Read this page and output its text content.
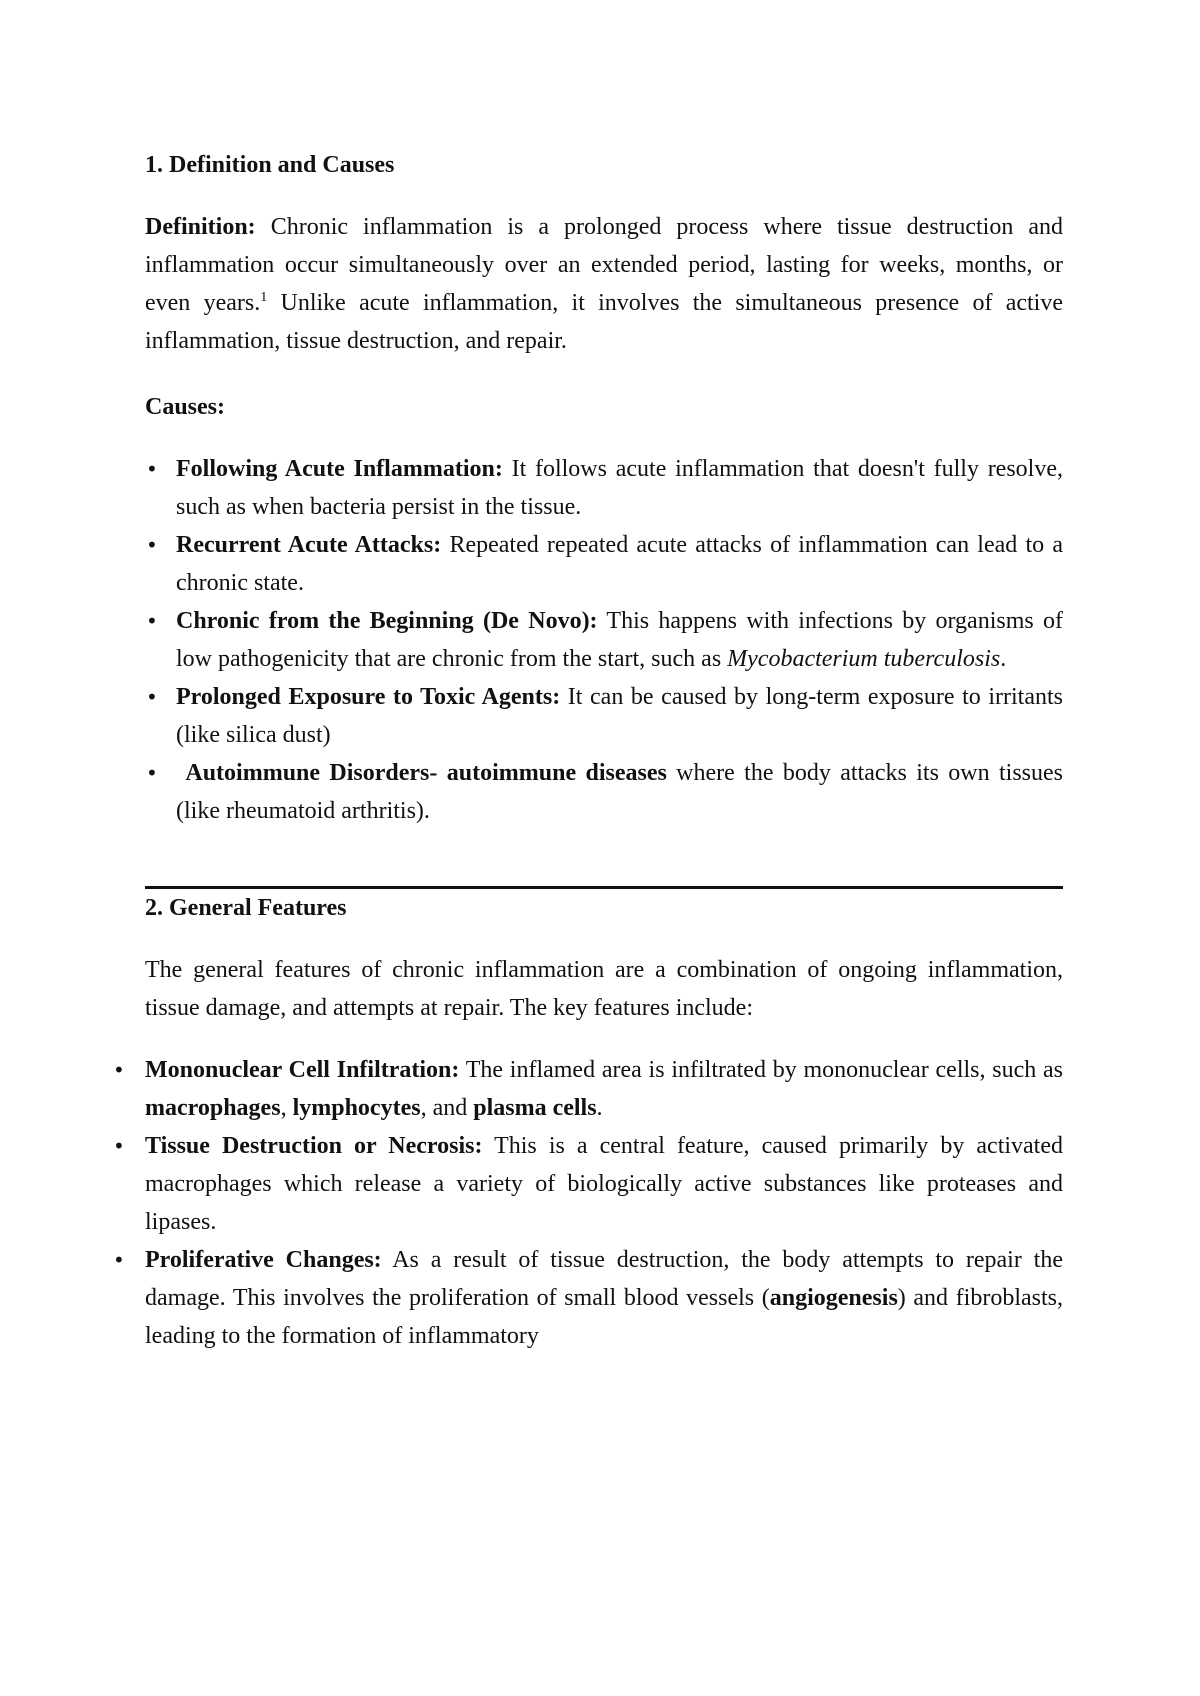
1. Definition and Causes

Definition: Chronic inflammation is a prolonged process where tissue destruction and inflammation occur simultaneously over an extended period, lasting for weeks, months, or even years.$^1$ Unlike acute inflammation, it involves the simultaneous presence of active inflammation, tissue destruction, and repair.

Causes:

• Following Acute Inflammation: It follows acute inflammation that doesn't fully resolve, such as when bacteria persist in the tissue.
• Recurrent Acute Attacks: Repeated repeated acute attacks of inflammation can lead to a chronic state.
• Chronic from the Beginning (De Novo): This happens with infections by organisms of low pathogenicity that are chronic from the start, such as Mycobacterium tuberculosis.
• Prolonged Exposure to Toxic Agents: It can be caused by long-term exposure to irritants (like silica dust)
•	Autoimmune Disorders- autoimmune diseases where the body attacks its own tissues (like rheumatoid arthritis).
2. General Features

The general features of chronic inflammation are a combination of ongoing inflammation, tissue damage, and attempts at repair. The key features include:

• Mononuclear Cell Infiltration: The inflamed area is infiltrated by mononuclear cells, such as macrophages, lymphocytes, and plasma cells.
• Tissue Destruction or Necrosis: This is a central feature, caused primarily by activated macrophages which release a variety of biologically active substances like proteases and lipases.
• Proliferative Changes: As a result of tissue destruction, the body attempts to repair the damage. This involves the proliferation of small blood vessels (angiogenesis) and fibroblasts, leading to the formation of inflammatory
